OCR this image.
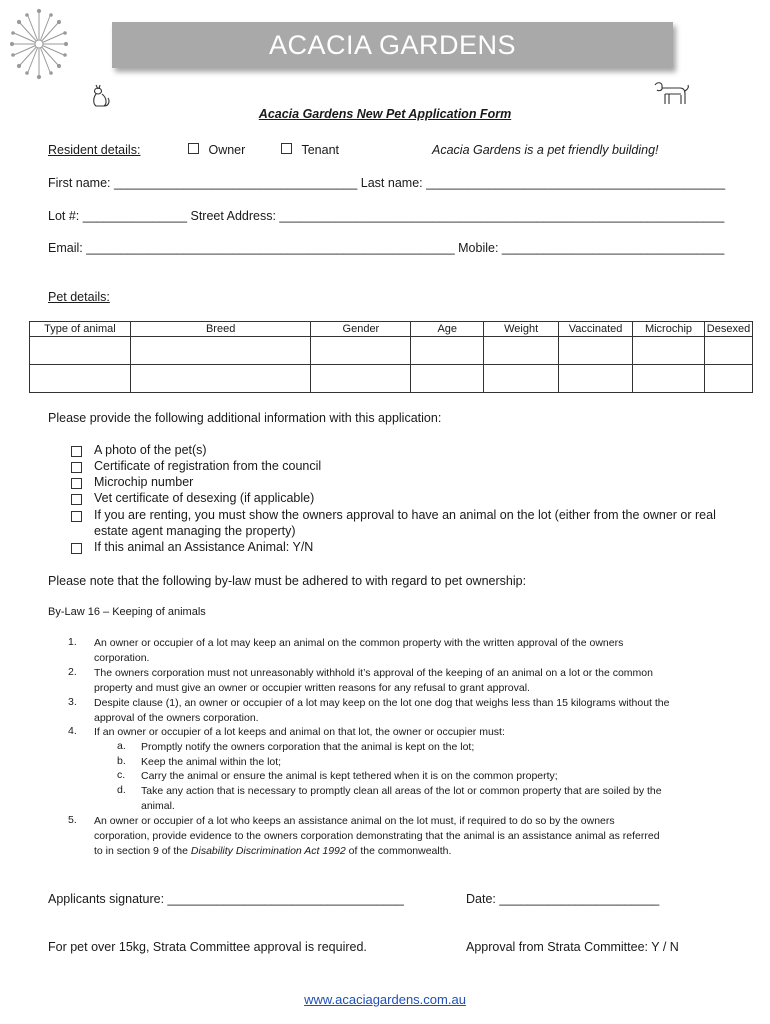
ACACIA GARDENS
Acacia Gardens New Pet Application Form
Resident details:	Owner	Tenant	Acacia Gardens is a pet friendly building!
First name: ___________________________________ Last name: ___________________________________________
Lot #: _______________ Street Address: ________________________________________________________________
Email: _____________________________________________________ Mobile: ________________________________
Pet details:
Type of animal	Breed	Gender	Age	Weight	Vaccinated	Microchip	Desexed

Please provide the following additional information with this application:
A photo of the pet(s)
Certificate of registration from the council
Microchip number
Vet certificate of desexing (if applicable)
If you are renting, you must show the owners approval to have an animal on the lot (either from the owner or real
estate agent managing the property)
If this animal an Assistance Animal: Y/N
Please note that the following by-law must be adhered to with regard to pet ownership:
By-Law 16 – Keeping of animals
1. An owner or occupier of a lot may keep an animal on the common property with the written approval of the owners
corporation.
2. The owners corporation must not unreasonably withhold it’s approval of the keeping of an animal on a lot or the common
property and must give an owner or occupier written reasons for any refusal to grant approval.
3. Despite clause (1), an owner or occupier of a lot may keep on the lot one dog that weighs less than 15 kilograms without the
approval of the owners corporation.
4. If an owner or occupier of a lot keeps and animal on that lot, the owner or occupier must:
a. Promptly notify the owners corporation that the animal is kept on the lot;
b. Keep the animal within the lot;
c. Carry the animal or ensure the animal is kept tethered when it is on the common property;
d. Take any action that is necessary to promptly clean all areas of the lot or common property that are soiled by the
animal.
5. An owner or occupier of a lot who keeps an assistance animal on the lot must, if required to do so by the owners
corporation, provide evidence to the owners corporation demonstrating that the animal is an assistance animal as referred
to in section 9 of the Disability Discrimination Act 1992 of the commonwealth.
Applicants signature: __________________________________	Date: _______________________
For pet over 15kg, Strata Committee approval is required.	Approval from Strata Committee: Y / N
www.acaciagardens.com.au
